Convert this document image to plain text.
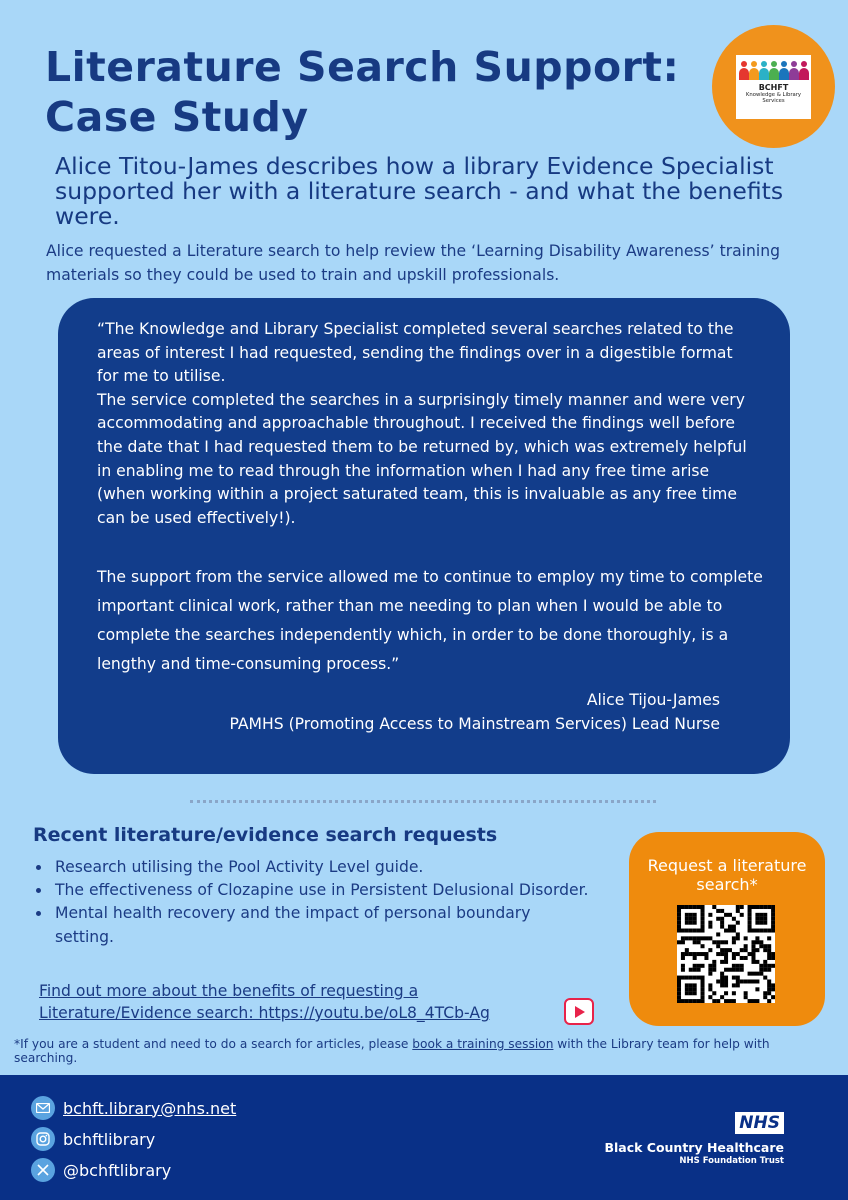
Literature Search Support:
Case Study
BCHFT
Knowledge & Library Services

Alice Titou-James describes how a library Evidence Specialist supported her with a literature search - and what the benefits were.

Alice requested a Literature search to help review the ‘Learning Disability Awareness’ training materials so they could be used to train and upskill professionals.

“The Knowledge and Library Specialist completed several searches related to the areas of interest I had requested, sending the findings over in a digestible format for me to utilise.
The service completed the searches in a surprisingly timely manner and were very accommodating and approachable throughout. I received the findings well before the date that I had requested them to be returned by, which was extremely helpful in enabling me to read through the information when I had any free time arise (when working within a project saturated team, this is invaluable as any free time can be used effectively!).

The support from the service allowed me to continue to employ my time to complete important clinical work, rather than me needing to plan when I would be able to complete the searches independently which, in order to be done thoroughly, is a lengthy and time-consuming process.”

Alice Tijou-James
PAMHS (Promoting Access to Mainstream Services) Lead Nurse
Recent literature/evidence search requests
Research utilising the Pool Activity Level guide.
The effectiveness of Clozapine use in Persistent Delusional Disorder.
Mental health recovery and the impact of personal boundary setting.
Find out more about the benefits of requesting a
Literature/Evidence search: https://youtu.be/oL8_4TCb-Ag
Request a literature search*

*If you are a student and need to do a search for articles, please book a training session with the Library team for help with searching.

bchft.library@nhs.net
bchftlibrary
@bchftlibrary
NHS
Black Country Healthcare
NHS Foundation Trust
